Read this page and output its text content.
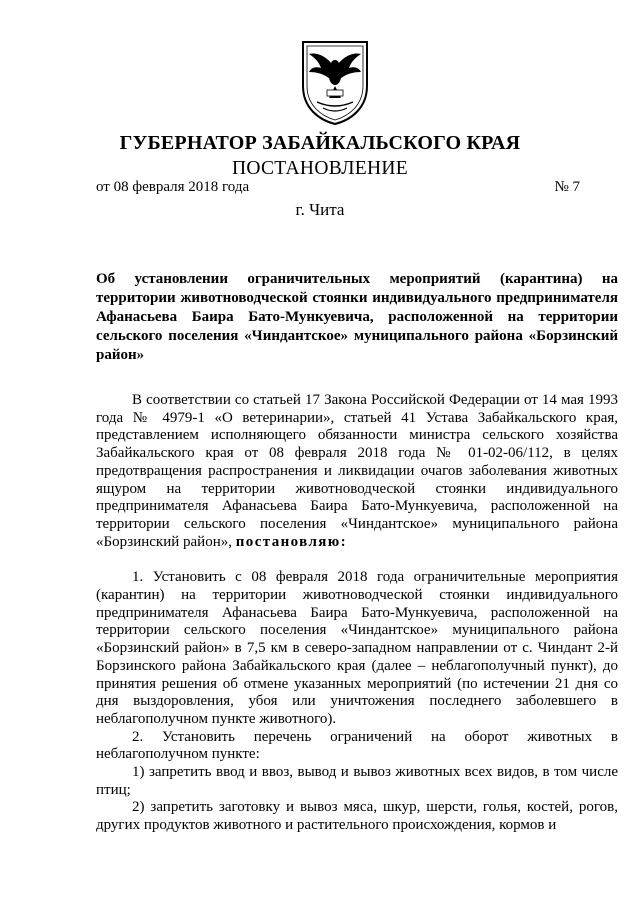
ГУБЕРНАТОР ЗАБАЙКАЛЬСКОГО КРАЯ
ПОСТАНОВЛЕНИЕ
от 08 февраля 2018 года	№ 7
г. Чита
Об установлении ограничительных мероприятий (карантина) на территории животноводческой стоянки индивидуального предпринимателя Афанасьева Баира Бато-Мункуевича, расположенной на территории сельского поселения «Чиндантское» муниципального района «Борзинский район»

В соответствии со статьей 17 Закона Российской Федерации от 14 мая 1993 года № 4979-1 «О ветеринарии», статьей 41 Устава Забайкальского края, представлением исполняющего обязанности министра сельского хозяйства Забайкальского края от 08 февраля 2018 года № 01-02-06/112, в целях предотвращения распространения и ликвидации очагов заболевания животных ящуром на территории животноводческой стоянки индивидуального предпринимателя Афанасьева Баира Бато-Мункуевича, расположенной на территории сельского поселения «Чиндантское» муниципального района «Борзинский район», постановляю:

1. Установить с 08 февраля 2018 года ограничительные мероприятия (карантин) на территории животноводческой стоянки индивидуального предпринимателя Афанасьева Баира Бато-Мункуевича, расположенной на территории сельского поселения «Чиндантское» муниципального района «Борзинский район» в 7,5 км в северо-западном направлении от с. Чиндант 2-й Борзинского района Забайкальского края (далее – неблагополучный пункт), до принятия решения об отмене указанных мероприятий (по истечении 21 дня со дня выздоровления, убоя или уничтожения последнего заболевшего в неблагополучном пункте животного).

2. Установить перечень ограничений на оборот животных в неблагополучном пункте:

1) запретить ввод и ввоз, вывод и вывоз животных всех видов, в том числе птиц;

2) запретить заготовку и вывоз мяса, шкур, шерсти, голья, костей, рогов, других продуктов животного и растительного происхождения, кормов и
